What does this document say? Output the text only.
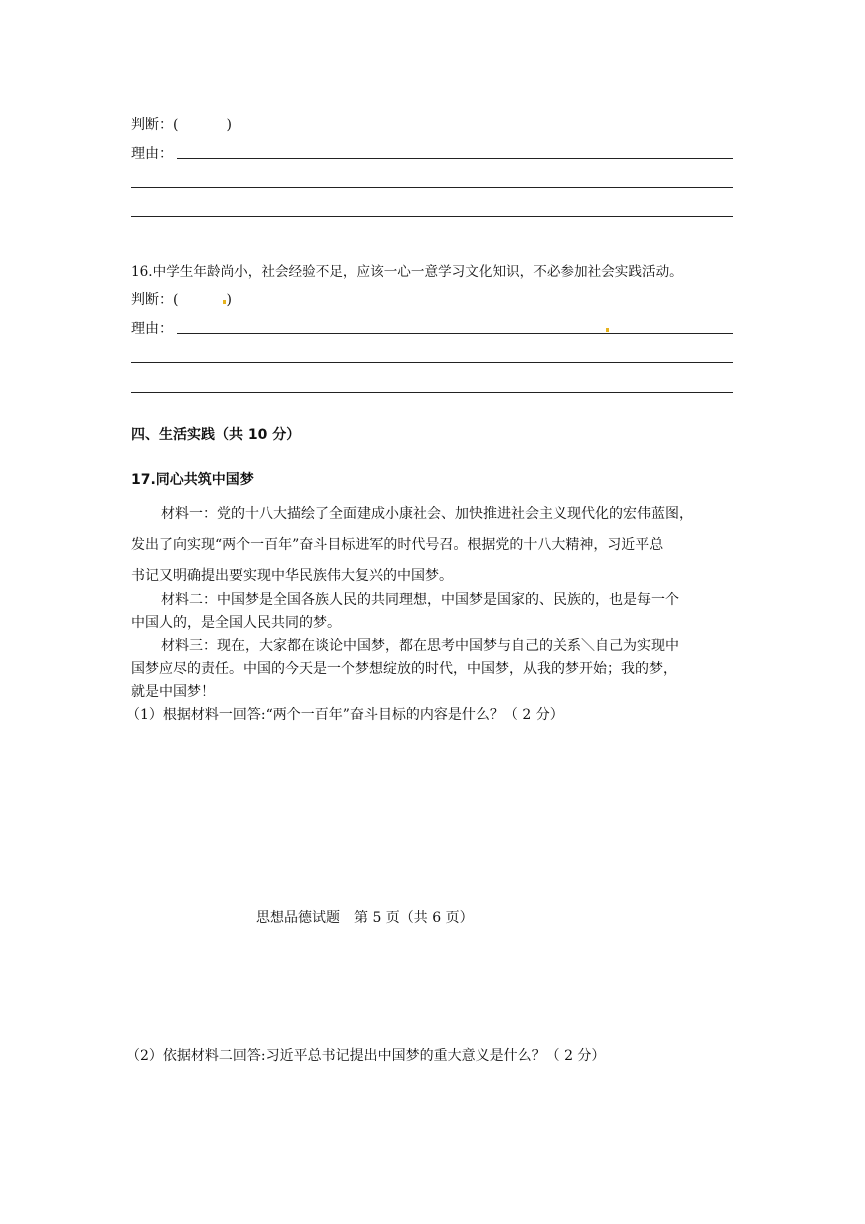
判断：(	)
理由：
16.中学生年龄尚小，社会经验不足，应该一心一意学习文化知识，不必参加社会实践活动。
判断：(	)
理由：
四、生活实践（共 10 分）
17.同心共筑中国梦
材料一：党的十八大描绘了全面建成小康社会、加快推进社会主义现代化的宏伟蓝图，
发出了向实现“两个一百年”奋斗目标进军的时代号召。根据党的十八大精神，习近平总
书记又明确提出要实现中华民族伟大复兴的中国梦。
材料二：中国梦是全国各族人民的共同理想，中国梦是国家的、民族的，也是每一个
中国人的，是全国人民共同的梦。
材料三：现在，大家都在谈论中国梦，都在思考中国梦与自己的关系＼自己为实现中
国梦应尽的责任。中国的今天是一个梦想绽放的时代，中国梦，从我的梦开始；我的梦，
就是中国梦！
（1）根据材料一回答:“两个一百年”奋斗目标的内容是什么？（ 2 分）
思想品德试题　第 5 页（共 6 页）
（2）依据材料二回答:习近平总书记提出中国梦的重大意义是什么？（ 2 分）
